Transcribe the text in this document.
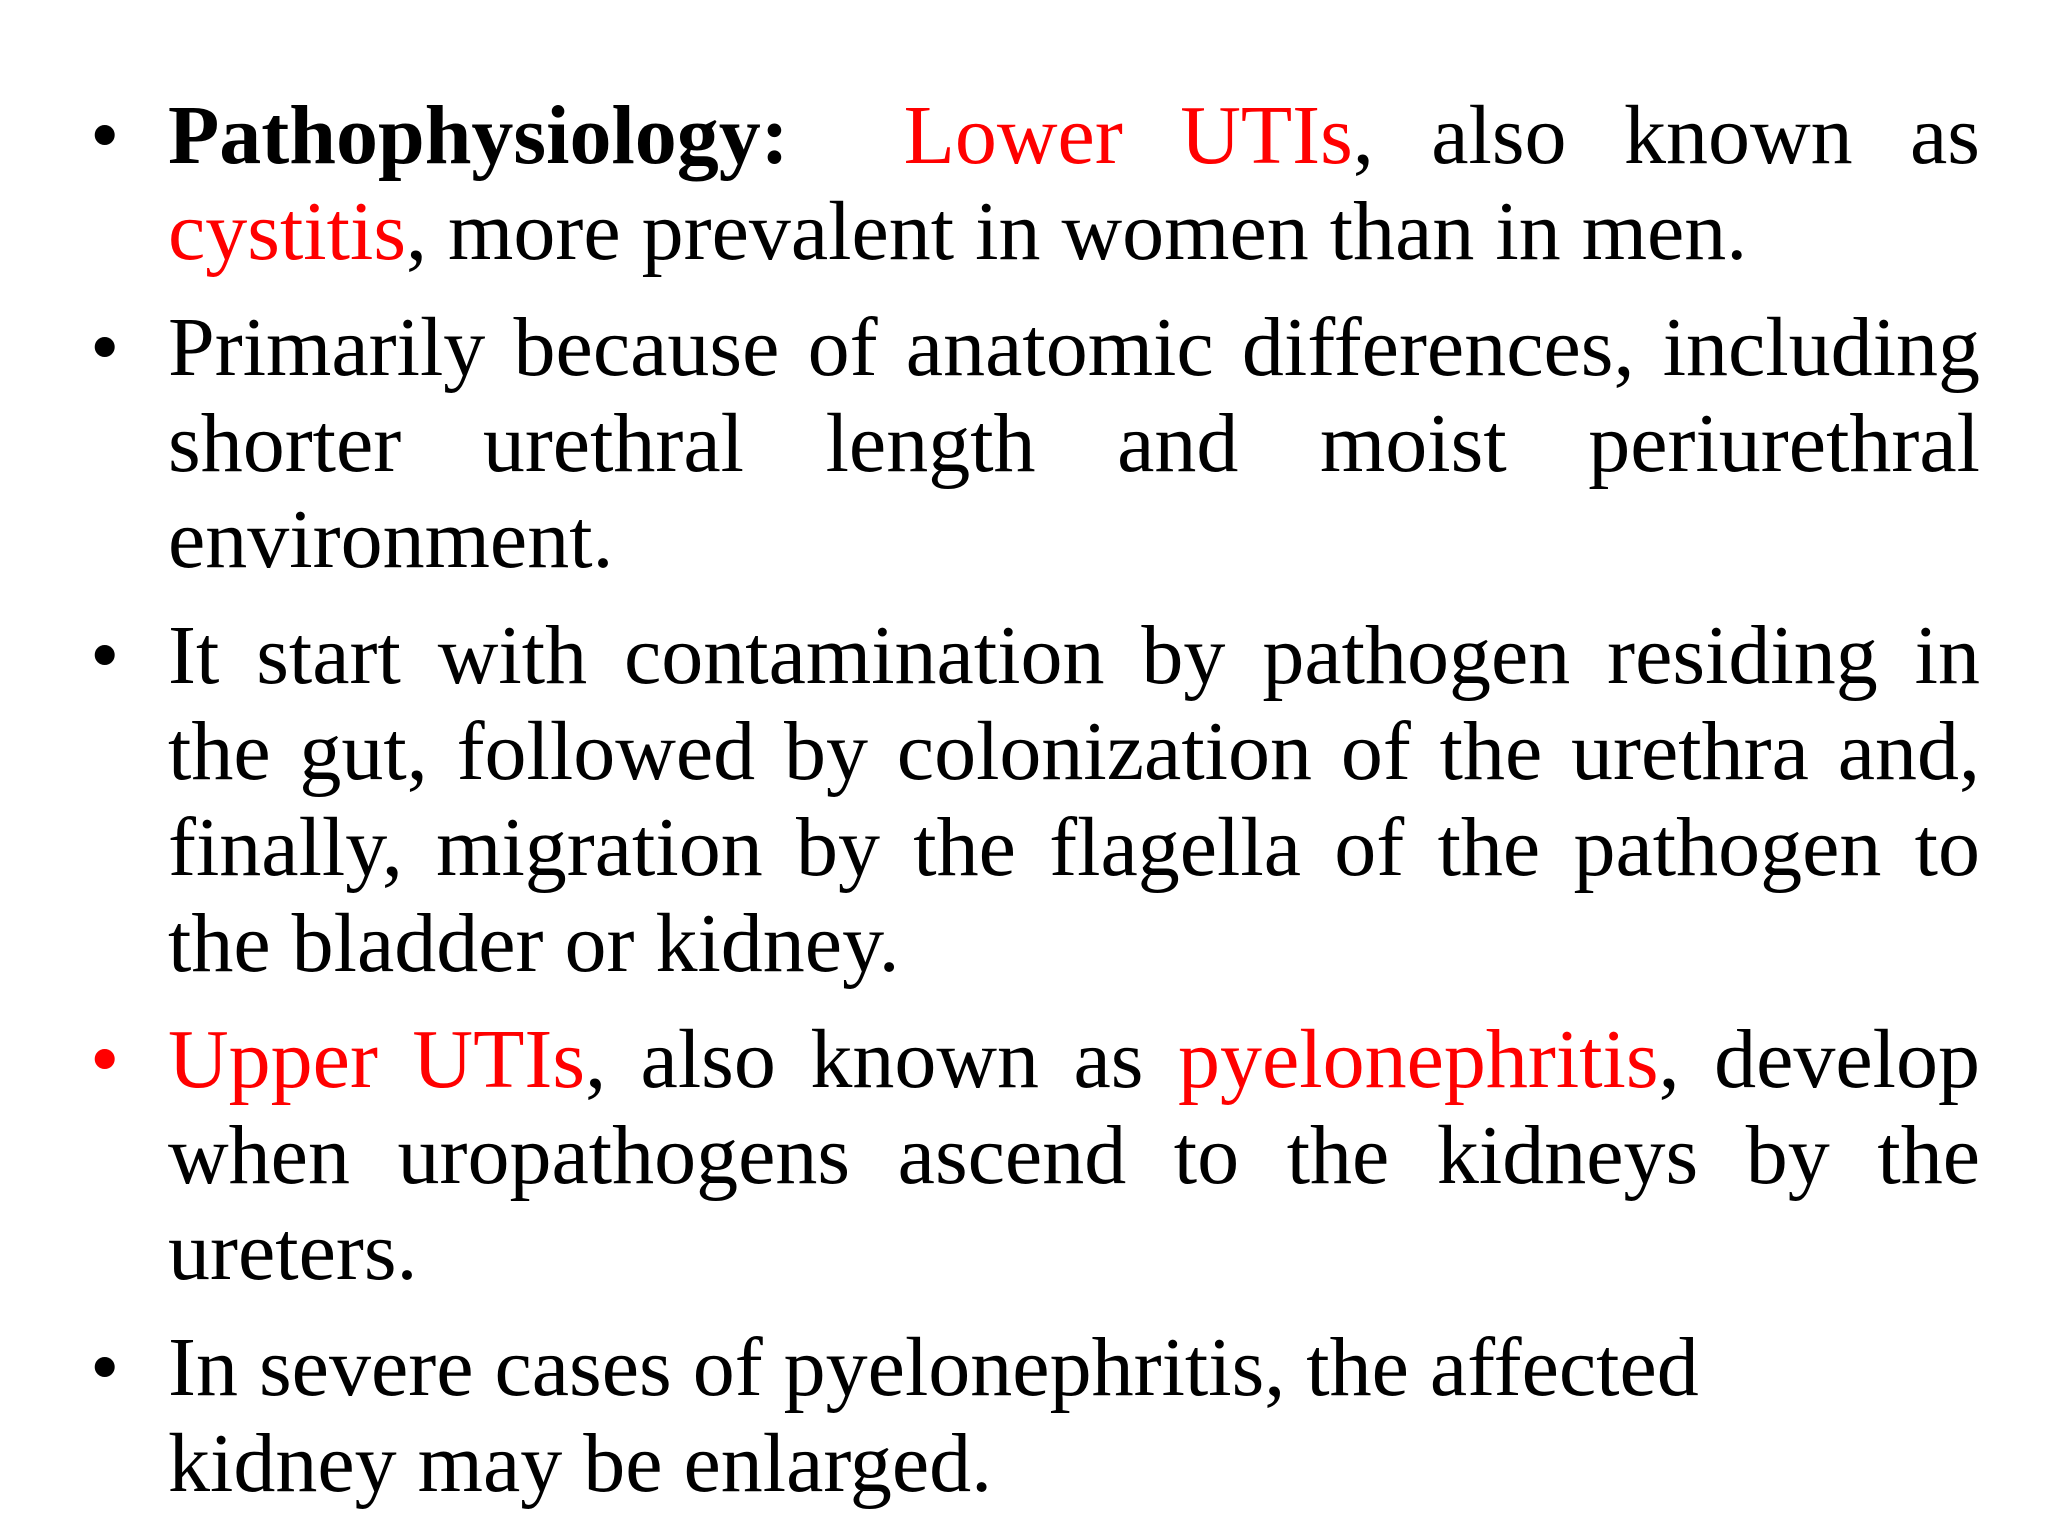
• Pathophysiology: Lower UTIs, also known as cystitis, more prevalent in women than in men.
• Primarily because of anatomic differences, including shorter urethral length and moist periurethral environment.
• It start with contamination by pathogen residing in the gut, followed by colonization of the urethra and, finally, migration by the flagella of the pathogen to the bladder or kidney.
• Upper UTIs, also known as pyelonephritis, develop when uropathogens ascend to the kidneys by the ureters.
• In severe cases of pyelonephritis, the affected kidney may be enlarged.
